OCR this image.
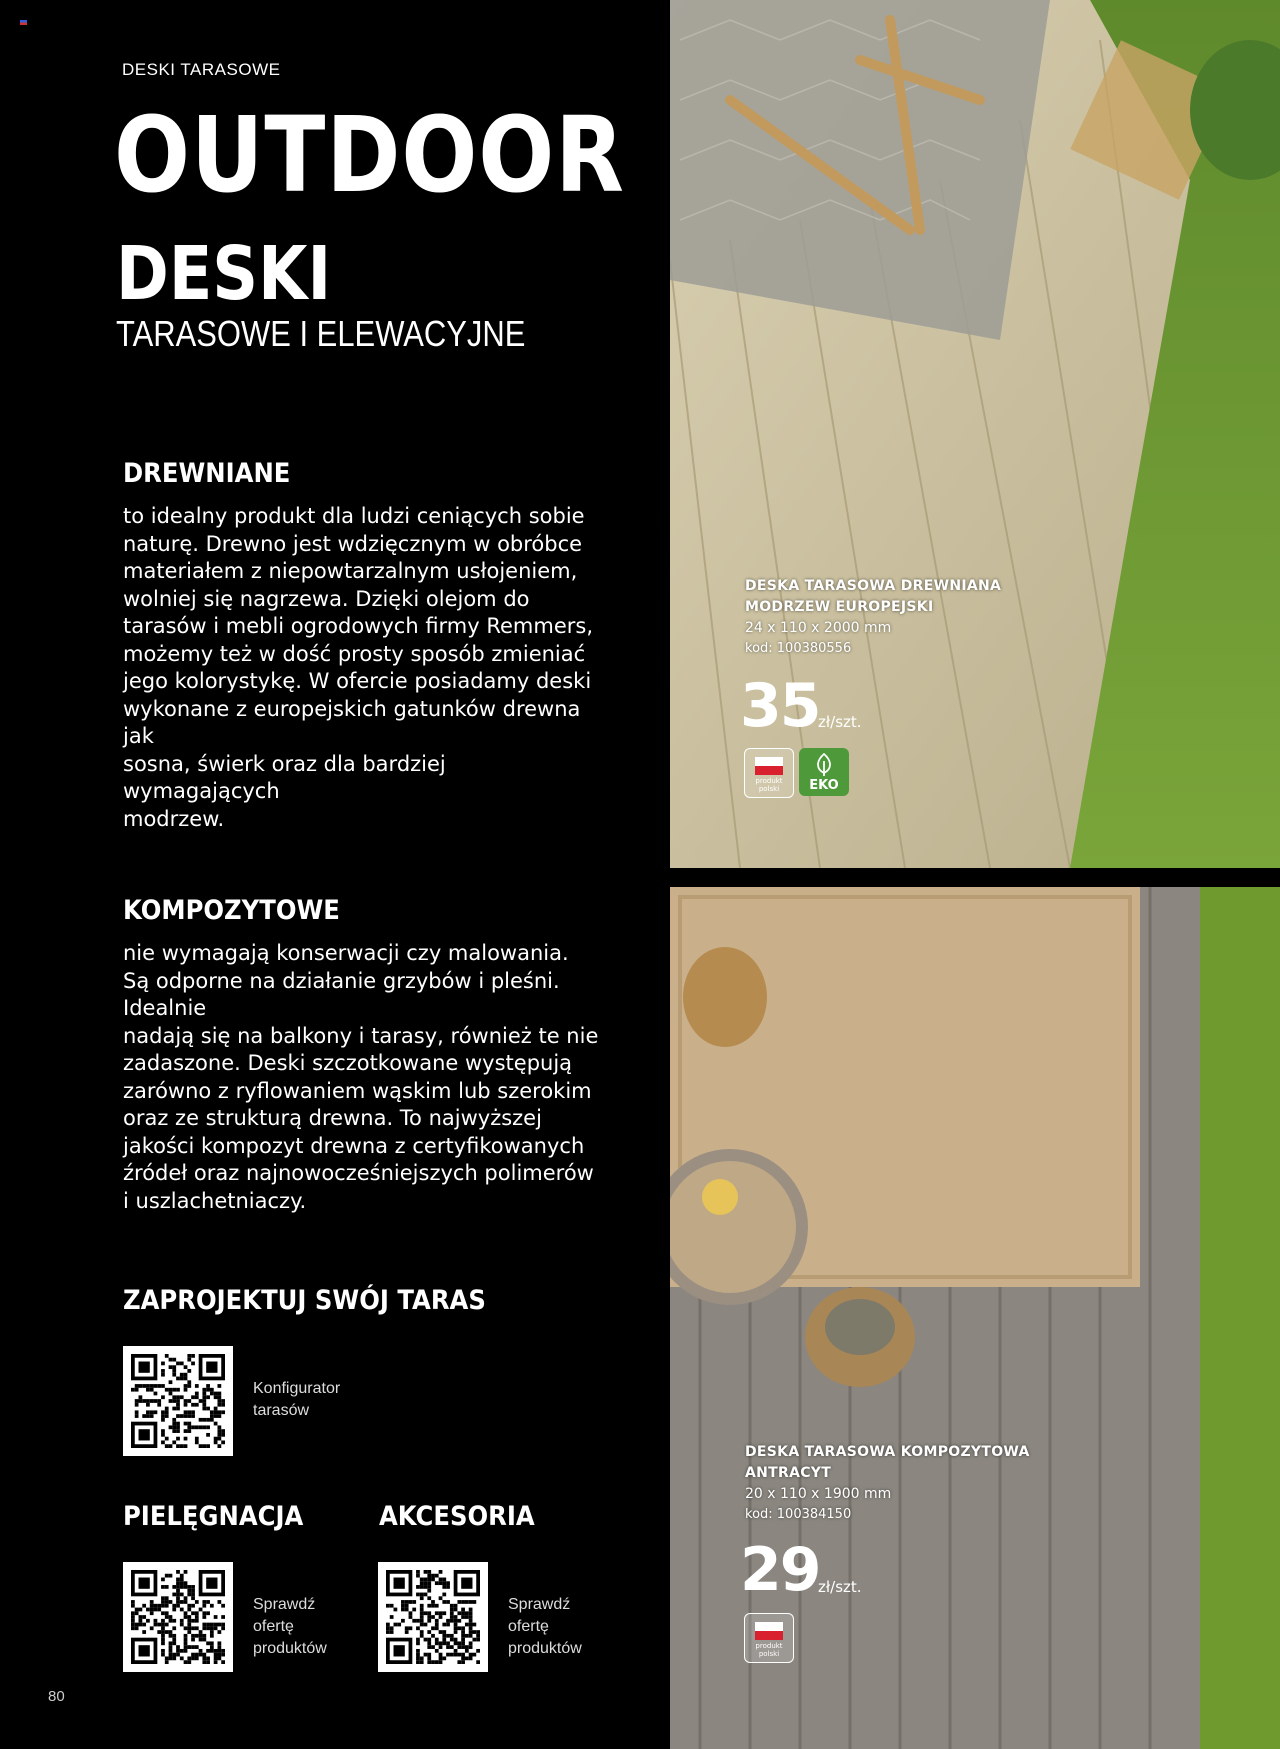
DESKI TARASOWE
OUTDOOR
DESKI
TARASOWE I ELEWACYJNE
DREWNIANE
to idealny produkt dla ludzi ceniących sobie
naturę. Drewno jest wdzięcznym w obróbce
materiałem z niepowtarzalnym usłojeniem,
wolniej się nagrzewa. Dzięki olejom do
tarasów i mebli ogrodowych firmy Remmers,
możemy też w dość prosty sposób zmieniać
jego kolorystykę. W ofercie posiadamy deski
wykonane z europejskich gatunków drewna jak
sosna, świerk oraz dla bardziej wymagających
modrzew.
KOMPOZYTOWE
nie wymagają konserwacji czy malowania.
Są odporne na działanie grzybów i pleśni. Idealnie
nadają się na balkony i tarasy, również te nie
zadaszone. Deski szczotkowane występują
zarówno z ryflowaniem wąskim lub szerokim
oraz ze strukturą drewna. To najwyższej
jakości kompozyt drewna z certyfikowanych
źródeł oraz najnowocześniejszych polimerów
i uszlachetniaczy.
ZAPROJEKTUJ SWÓJ TARAS
Konfigurator
tarasów
PIELĘGNACJA
Sprawdź
ofertę
produktów
AKCESORIA
Sprawdź
ofertę
produktów
80
DESKA TARASOWA DREWNIANA
MODRZEW EUROPEJSKI
24 x 110 x 2000 mm
kod: 100380556
35
zł/szt.
produkt
polski	EKO
DESKA TARASOWA KOMPOZYTOWA
ANTRACYT
20 x 110 x 1900 mm
kod: 100384150
29
zł/szt.
produkt
polski
